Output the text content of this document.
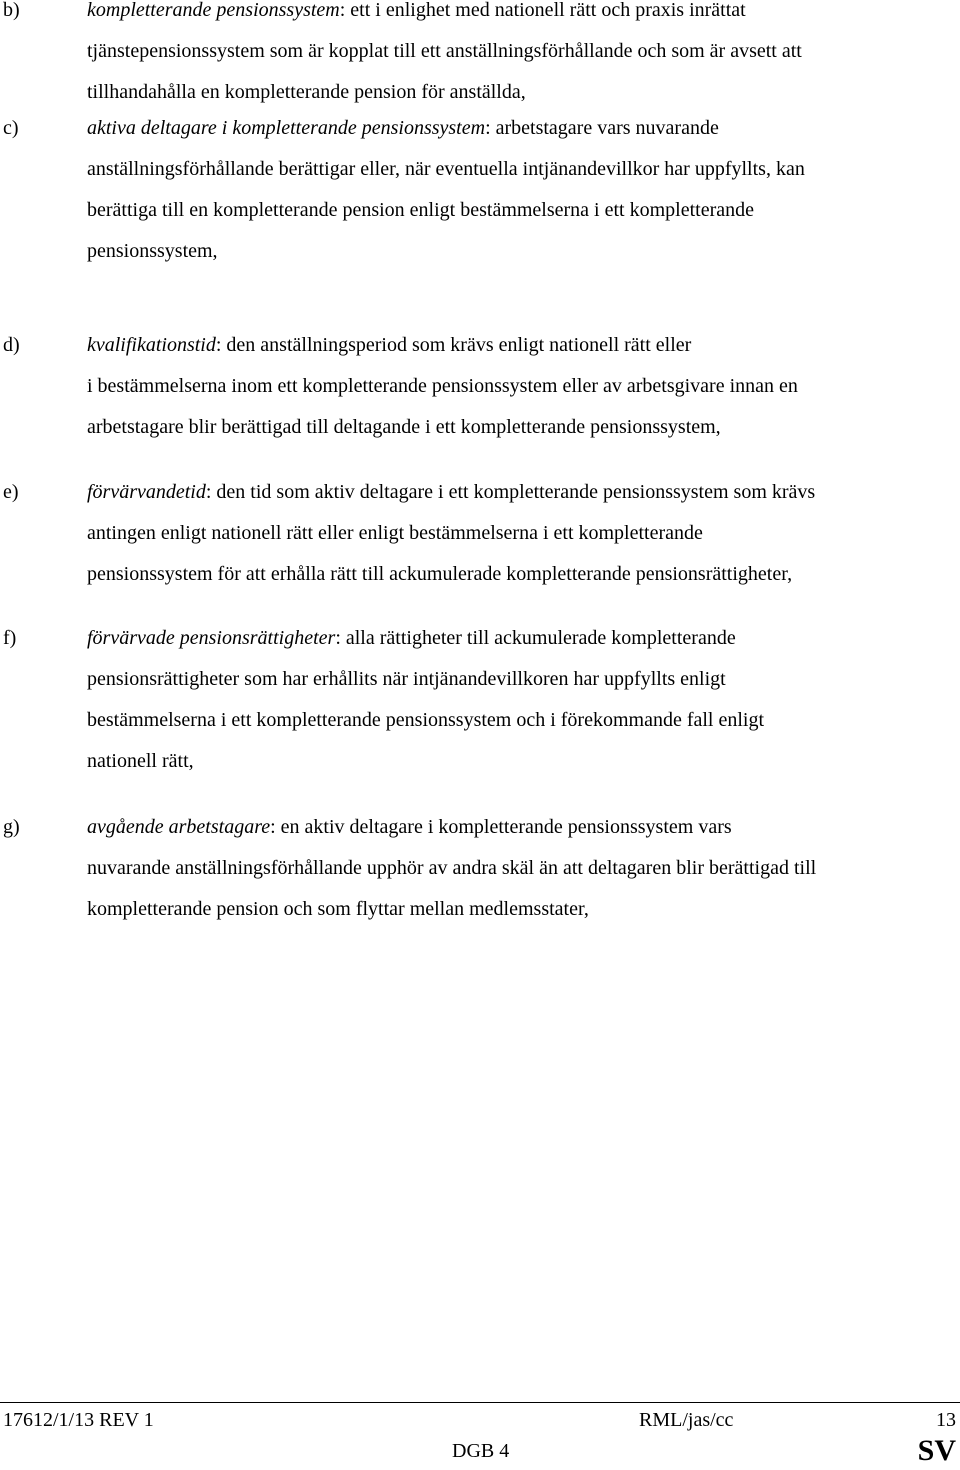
b)	kompletterande pensionssystem: ett i enlighet med nationell rätt och praxis inrättat
tjänstepensionssystem som är kopplat till ett anställningsförhållande och som är avsett att
tillhandahålla en kompletterande pension för anställda,
c)	aktiva deltagare i kompletterande pensionssystem: arbetstagare vars nuvarande
anställningsförhållande berättigar eller, när eventuella intjänandevillkor har uppfyllts, kan
berättiga till en kompletterande pension enligt bestämmelserna i ett kompletterande
pensionssystem,
d)	kvalifikationstid: den anställningsperiod som krävs enligt nationell rätt eller
i bestämmelserna inom ett kompletterande pensionssystem eller av arbetsgivare innan en
arbetstagare blir berättigad till deltagande i ett kompletterande pensionssystem,
e)	förvärvandetid: den tid som aktiv deltagare i ett kompletterande pensionssystem som krävs
antingen enligt nationell rätt eller enligt bestämmelserna i ett kompletterande
pensionssystem för att erhålla rätt till ackumulerade kompletterande pensionsrättigheter,
f)	förvärvade pensionsrättigheter: alla rättigheter till ackumulerade kompletterande
pensionsrättigheter som har erhållits när intjänandevillkoren har uppfyllts enligt
bestämmelserna i ett kompletterande pensionssystem och i förekommande fall enligt
nationell rätt,
g)	avgående arbetstagare: en aktiv deltagare i kompletterande pensionssystem vars
nuvarande anställningsförhållande upphör av andra skäl än att deltagaren blir berättigad till
kompletterande pension och som flyttar mellan medlemsstater,
17612/1/13 REV 1	RML/jas/cc	13
DGB 4	SV
